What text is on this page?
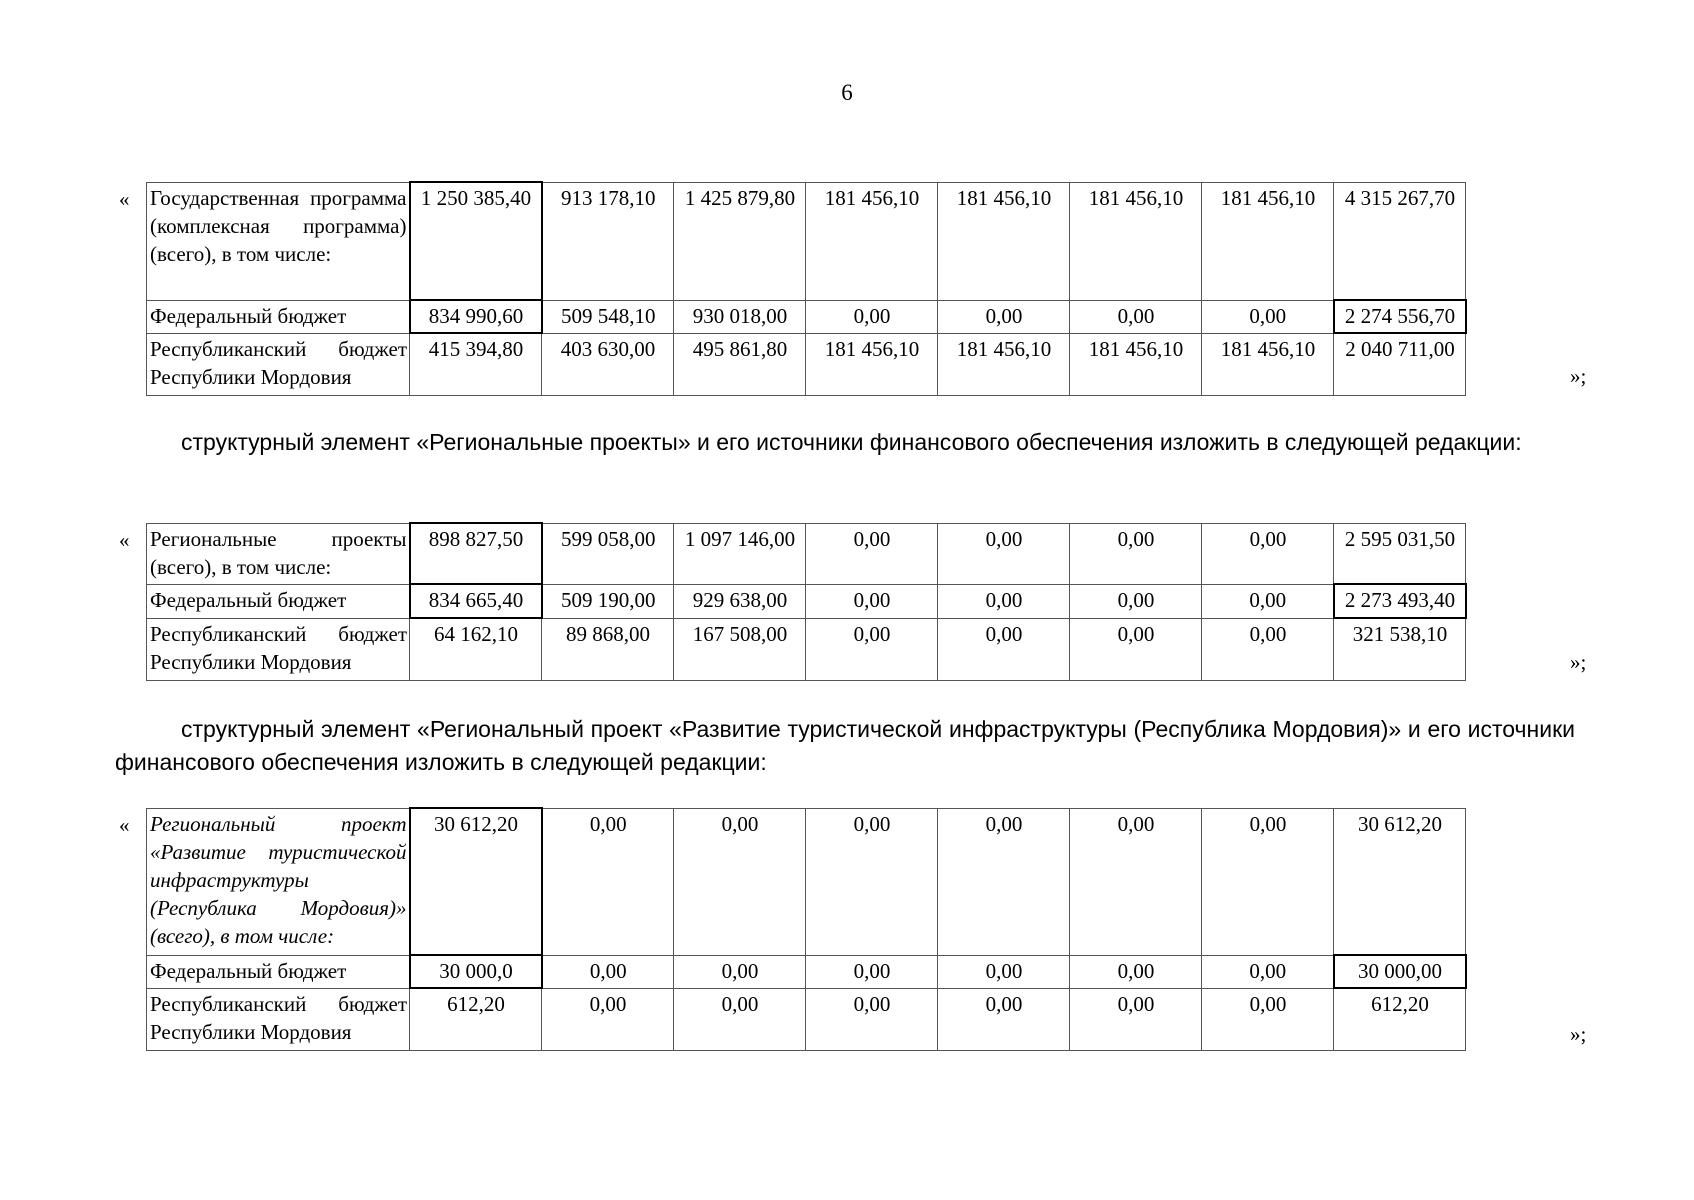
6
« Государственная программа (комплексная программа) (всего), в том числе:	1 250 385,40	913 178,10	1 425 879,80	181 456,10	181 456,10	181 456,10	181 456,10	4 315 267,70
Федеральный бюджет	834 990,60	509 548,10	930 018,00	0,00	0,00	0,00	0,00	2 274 556,70
Республиканский бюджет Республики Мордовия	415 394,80	403 630,00	495 861,80	181 456,10	181 456,10	181 456,10	181 456,10	2 040 711,00
»;
структурный элемент «Региональные проекты» и его источники финансового обеспечения изложить в следующей редакции:
« Региональные проекты (всего), в том числе:	898 827,50	599 058,00	1 097 146,00	0,00	0,00	0,00	0,00	2 595 031,50
Федеральный бюджет	834 665,40	509 190,00	929 638,00	0,00	0,00	0,00	0,00	2 273 493,40
Республиканский бюджет Республики Мордовия	64 162,10	89 868,00	167 508,00	0,00	0,00	0,00	0,00	321 538,10
»;
структурный элемент «Региональный проект «Развитие туристической инфраструктуры (Республика Мордовия)» и его источники финансового обеспечения изложить в следующей редакции:
« Региональный проект «Развитие туристической инфраструктуры (Республика Мордовия)» (всего), в том числе:	30 612,20	0,00	0,00	0,00	0,00	0,00	0,00	30 612,20
Федеральный бюджет	30 000,0	0,00	0,00	0,00	0,00	0,00	0,00	30 000,00
Республиканский бюджет Республики Мордовия	612,20	0,00	0,00	0,00	0,00	0,00	0,00	612,20
»;
